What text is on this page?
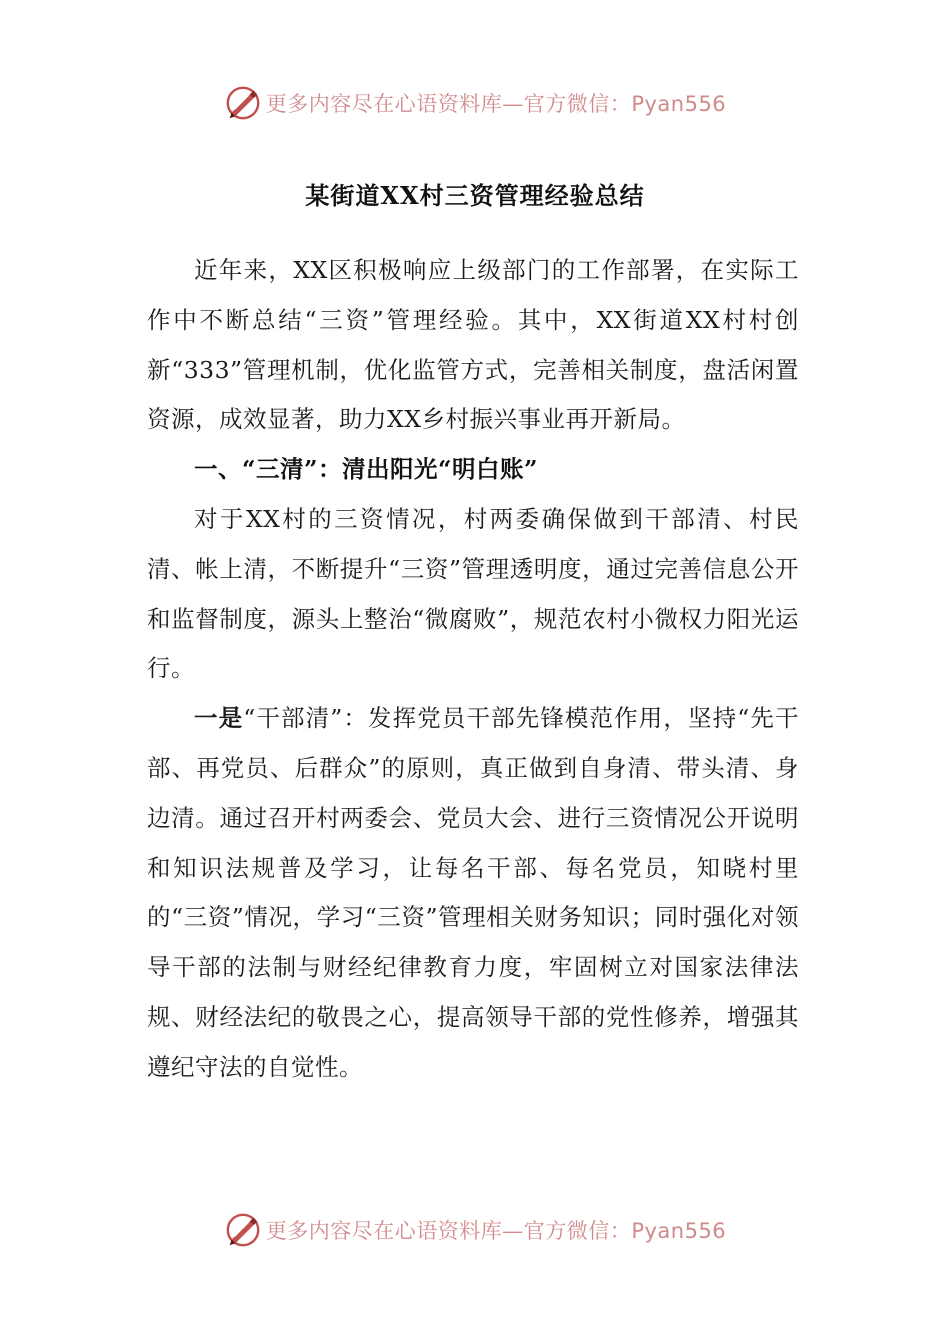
更多内容尽在心语资料库—官方微信：Pyan556
某街道XX村三资管理经验总结

近年来，XX区积极响应上级部门的工作部署，在实际工作中不断总结“三资”管理经验。其中，XX街道XX村村创新“333”管理机制，优化监管方式，完善相关制度，盘活闲置资源，成效显著，助力XX乡村振兴事业再开新局。

一、“三清”：清出阳光“明白账”

对于XX村的三资情况，村两委确保做到干部清、村民清、帐上清，不断提升“三资”管理透明度，通过完善信息公开和监督制度，源头上整治“微腐败”，规范农村小微权力阳光运行。

一是“干部清”：发挥党员干部先锋模范作用，坚持“先干部、再党员、后群众”的原则，真正做到自身清、带头清、身边清。通过召开村两委会、党员大会、进行三资情况公开说明和知识法规普及学习，让每名干部、每名党员，知晓村里的“三资”情况，学习“三资”管理相关财务知识；同时强化对领导干部的法制与财经纪律教育力度，牢固树立对国家法律法规、财经法纪的敬畏之心，提高领导干部的党性修养，增强其遵纪守法的自觉性。

更多内容尽在心语资料库—官方微信：Pyan556
